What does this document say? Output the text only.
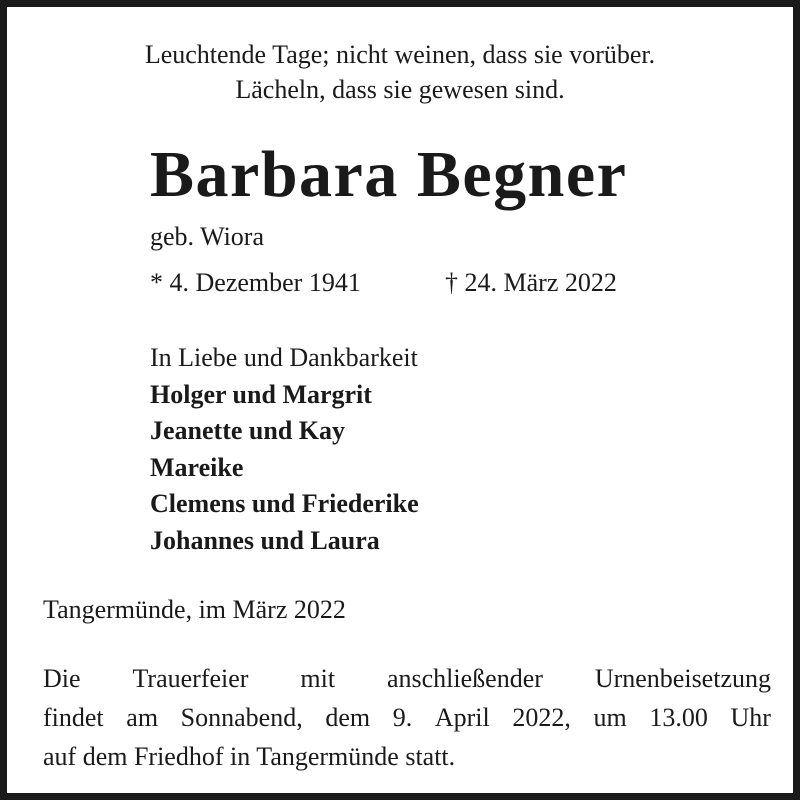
Leuchtende Tage; nicht weinen, dass sie vorüber.
Lächeln, dass sie gewesen sind.
Barbara Begner
geb. Wiora
* 4. Dezember 1941	† 24. März 2022
In Liebe und Dankbarkeit
Holger und Margrit
Jeanette und Kay
Mareike
Clemens und Friederike
Johannes und Laura
Tangermünde, im März 2022
Die Trauerfeier mit anschließender Urnenbeisetzung
findet am Sonnabend, dem 9. April 2022, um 13.00 Uhr
auf dem Friedhof in Tangermünde statt.
